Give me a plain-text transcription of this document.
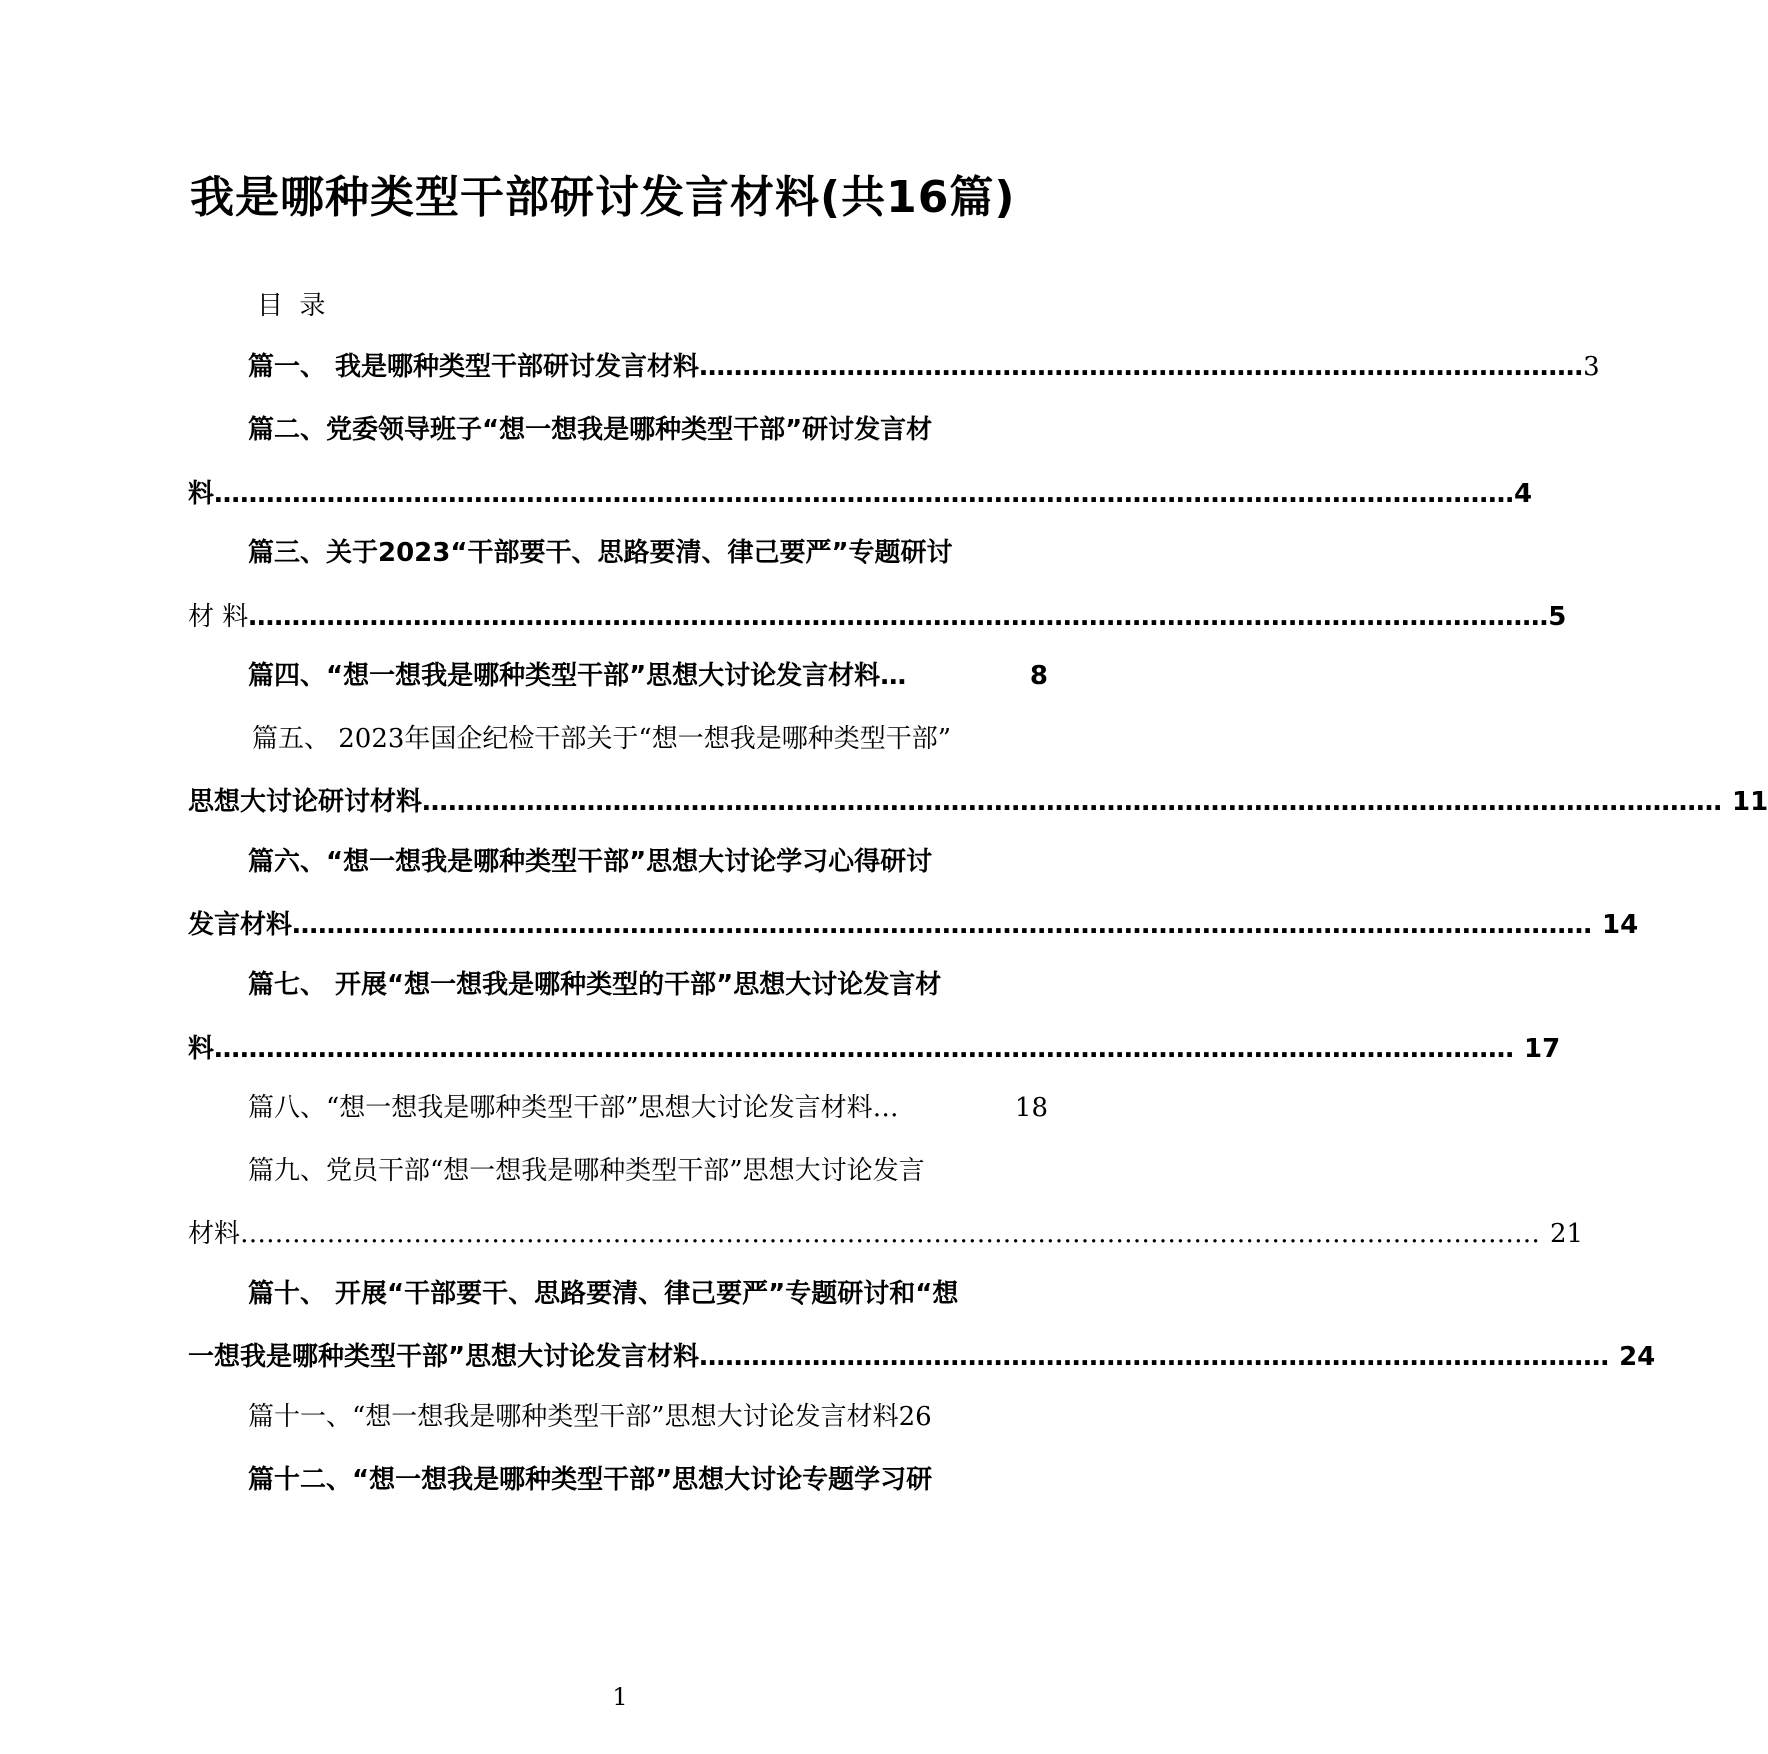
我是哪种类型干部研讨发言材料(共16篇)
目  录
篇一、 我是哪种类型干部研讨发言材料 ………………………………………………………………………………………… 3
篇二、党委领导班子“想一想我是哪种类型干部”研讨发言材
料 …………………………………………………………………………………………………………………………………… 4
篇三、关于2023“干部要干、思路要清、律己要严”专题研讨
材 料 …………………………………………………………………………………………………………………………………… 5
篇四、“想一想我是哪种类型干部”思想大讨论发言材料 …	8
篇五、 2023年国企纪检干部关于“想一想我是哪种类型干部”
思想大讨论研讨材料 …………………………………………………………………………………………………………………………………… 11
篇六、“想一想我是哪种类型干部”思想大讨论学习心得研讨
发言材料 …………………………………………………………………………………………………………………………………… 14
篇七、 开展“想一想我是哪种类型的干部”思想大讨论发言材
料 …………………………………………………………………………………………………………………………………… 17
篇八、“想一想我是哪种类型干部”思想大讨论发言材料 …	18
篇九、党员干部“想一想我是哪种类型干部”思想大讨论发言
材料 …………………………………………………………………………………………………………………………………… 21
篇十、 开展“干部要干、思路要清、律己要严”专题研讨和“想
一想我是哪种类型干部”思想大讨论发言材料 …………………………………………………………………………………………… 24
篇十一、“想一想我是哪种类型干部”思想大讨论发言材料 26
篇十二、“想一想我是哪种类型干部”思想大讨论专题学习研
1
